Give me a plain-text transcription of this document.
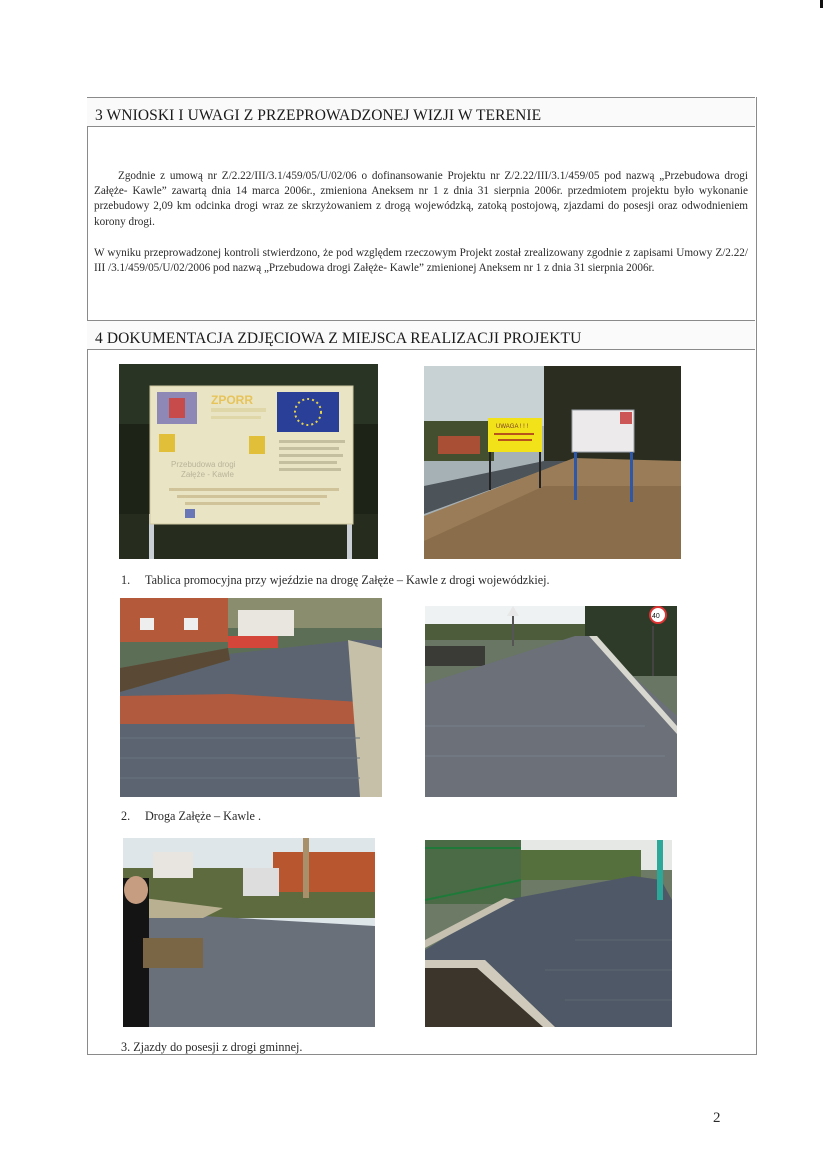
3 WNIOSKI I UWAGI Z PRZEPROWADZONEJ WIZJI W TERENIE
Zgodnie z umową nr Z/2.22/III/3.1/459/05/U/02/06 o dofinansowanie Projektu nr Z/2.22/III/3.1/459/05 pod nazwą „Przebudowa drogi Załęże- Kawle” zawartą dnia 14 marca 2006r., zmieniona Aneksem nr 1 z dnia 31 sierpnia 2006r. przedmiotem projektu było wykonanie przebudowy 2,09 km odcinka drogi wraz ze skrzyżowaniem z drogą wojewódzką, zatoką postojową, zjazdami do posesji oraz odwodnieniem korony drogi.
W wyniku przeprowadzonej kontroli stwierdzono, że pod względem rzeczowym Projekt został zrealizowany zgodnie z zapisami Umowy Z/2.22/ III /3.1/459/05/U/02/2006 pod nazwą „Przebudowa drogi Załęże- Kawle” zmienionej Aneksem nr 1 z dnia 31 sierpnia 2006r.
4 DOKUMENTACJA ZDJĘCIOWA Z MIEJSCA REALIZACJI PROJEKTU
ZPORR
Przebudowa drogi
Załęże - Kawle
UWAGA ! ! !
1. Tablica promocyjna przy wjeździe na drogę Załęże – Kawle z drogi wojewódzkiej.
40
2. Droga Załęże – Kawle .
3. Zjazdy do posesji z drogi gminnej.
2
